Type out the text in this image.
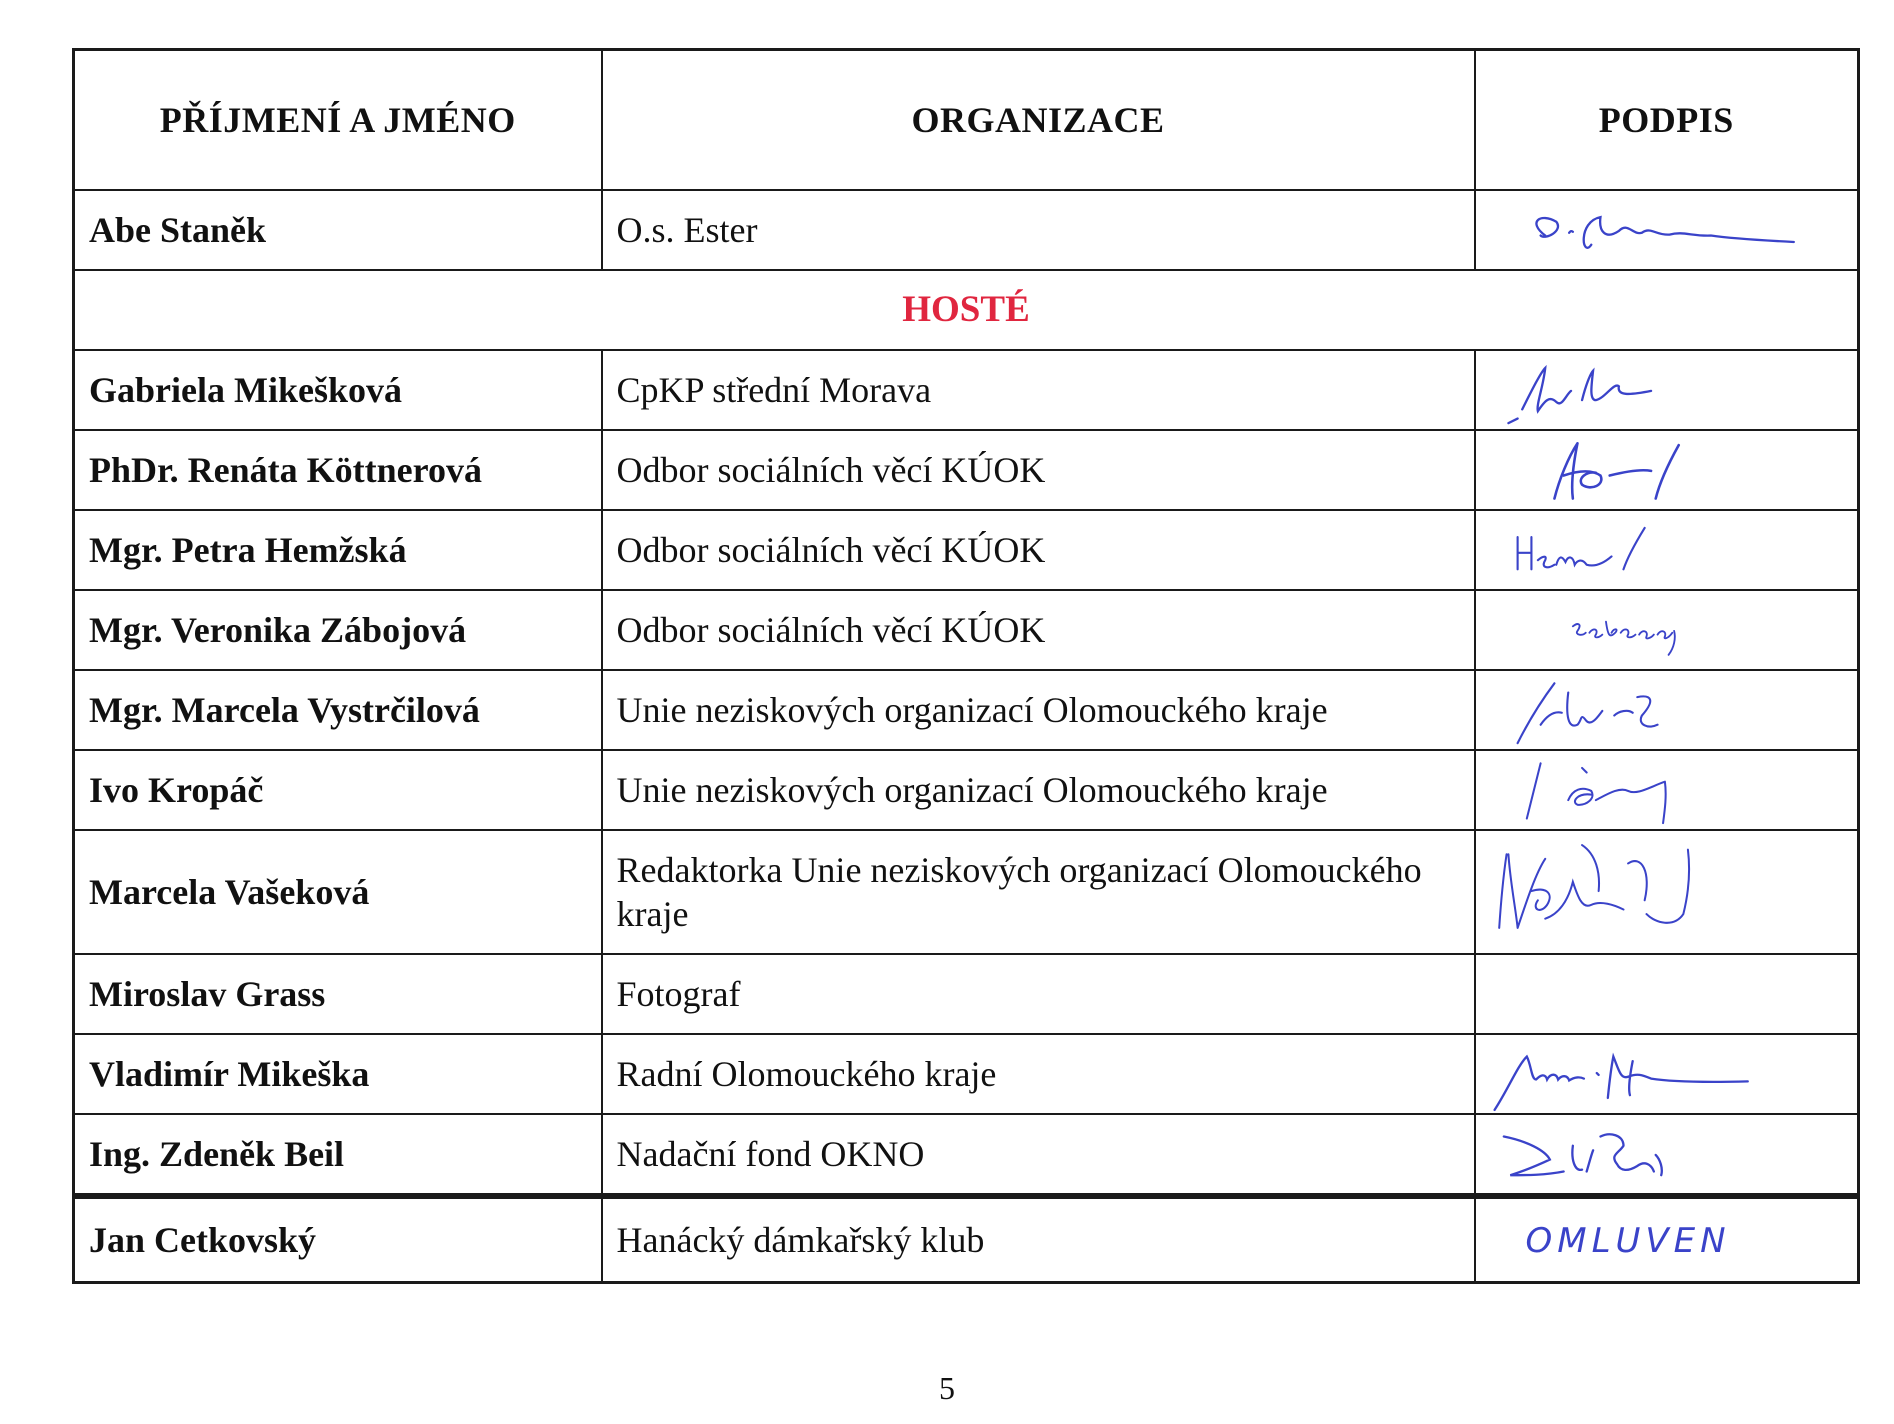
PŘÍJMENÍ A JMÉNO	ORGANIZACE	PODPIS
Abe Staněk	O.s. Ester	

HOSTÉ		
Gabriela Mikešková	CpKP střední Morava	

PhDr. Renáta Köttnerová	Odbor sociálních věcí KÚOK	

Mgr. Petra Hemžská	Odbor sociálních věcí KÚOK	

Mgr. Veronika Zábojová	Odbor sociálních věcí KÚOK	

Mgr. Marcela Vystrčilová	Unie neziskových organizací Olomouckého kraje	

Ivo Kropáč	Unie neziskových organizací Olomouckého kraje	

Marcela Vašeková	Redaktorka Unie neziskových organizací Olomouckého kraje	

Miroslav Grass	Fotograf	
Vladimír Mikeška	Radní Olomouckého kraje	

Ing. Zdeněk Beil	Nadační fond OKNO	

Jan Cetkovský	Hanácký dámkařský klub	OMLUVEN
5
